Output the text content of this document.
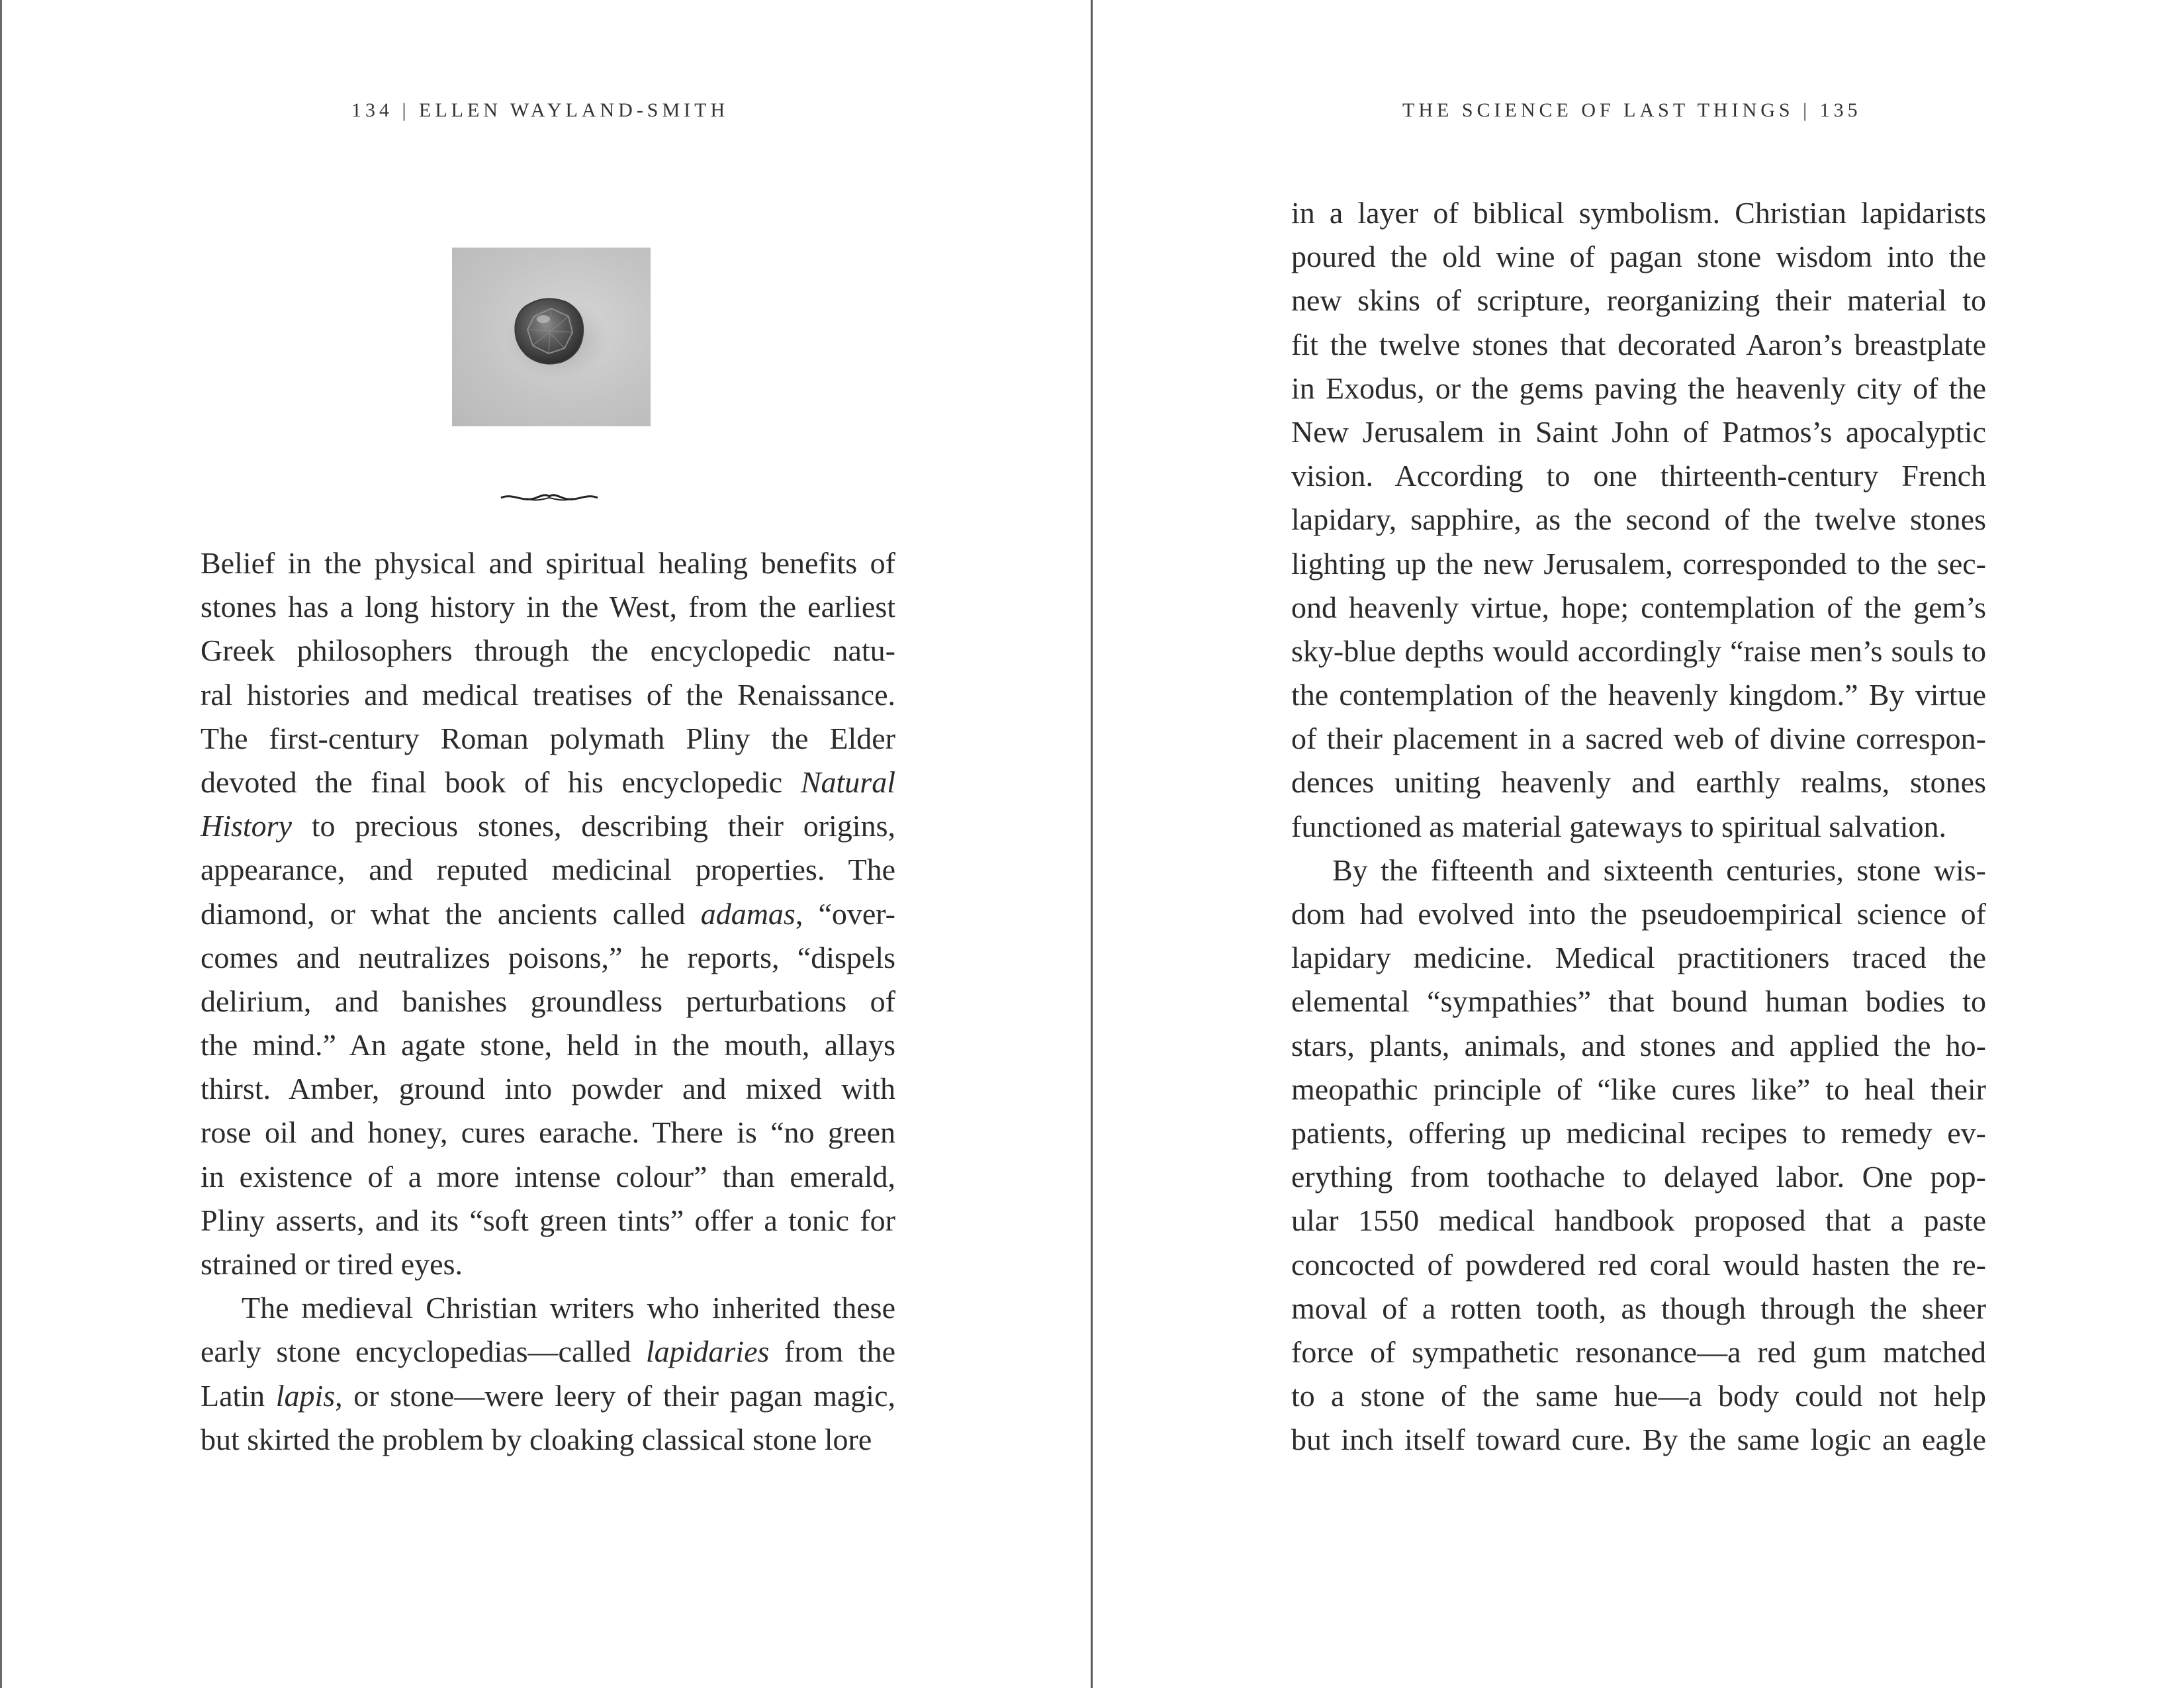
134 | ELLEN WAYLAND-SMITH
Belief in the physical and spiritual healing benefits of
stones has a long history in the West, from the earliest
Greek philosophers through the encyclopedic natu-
ral histories and medical treatises of the Renaissance.
The first-century Roman polymath Pliny the Elder
devoted the final book of his encyclopedic Natural
History to precious stones, describing their origins,
appearance, and reputed medicinal properties. The
diamond, or what the ancients called adamas, “over-
comes and neutralizes poisons,” he reports, “dispels
delirium, and banishes groundless perturbations of
the mind.” An agate stone, held in the mouth, allays
thirst. Amber, ground into powder and mixed with
rose oil and honey, cures earache. There is “no green
in existence of a more intense colour” than emerald,
Pliny asserts, and its “soft green tints” offer a tonic for
strained or tired eyes.
The medieval Christian writers who inherited these
early stone encyclopedias—called lapidaries from the
Latin lapis, or stone—were leery of their pagan magic,
but skirted the problem by cloaking classical stone lore
THE SCIENCE OF LAST THINGS | 135
in a layer of biblical symbolism. Christian lapidarists
poured the old wine of pagan stone wisdom into the
new skins of scripture, reorganizing their material to
fit the twelve stones that decorated Aaron’s breastplate
in Exodus, or the gems paving the heavenly city of the
New Jerusalem in Saint John of Patmos’s apocalyptic
vision. According to one thirteenth-century French
lapidary, sapphire, as the second of the twelve stones
lighting up the new Jerusalem, corresponded to the sec-
ond heavenly virtue, hope; contemplation of the gem’s
sky-blue depths would accordingly “raise men’s souls to
the contemplation of the heavenly kingdom.” By virtue
of their placement in a sacred web of divine correspon-
dences uniting heavenly and earthly realms, stones
functioned as material gateways to spiritual salvation.
By the fifteenth and sixteenth centuries, stone wis-
dom had evolved into the pseudoempirical science of
lapidary medicine. Medical practitioners traced the
elemental “sympathies” that bound human bodies to
stars, plants, animals, and stones and applied the ho-
meopathic principle of “like cures like” to heal their
patients, offering up medicinal recipes to remedy ev-
erything from toothache to delayed labor. One pop-
ular 1550 medical handbook proposed that a paste
concocted of powdered red coral would hasten the re-
moval of a rotten tooth, as though through the sheer
force of sympathetic resonance—a red gum matched
to a stone of the same hue—a body could not help
but inch itself toward cure. By the same logic an eagle
